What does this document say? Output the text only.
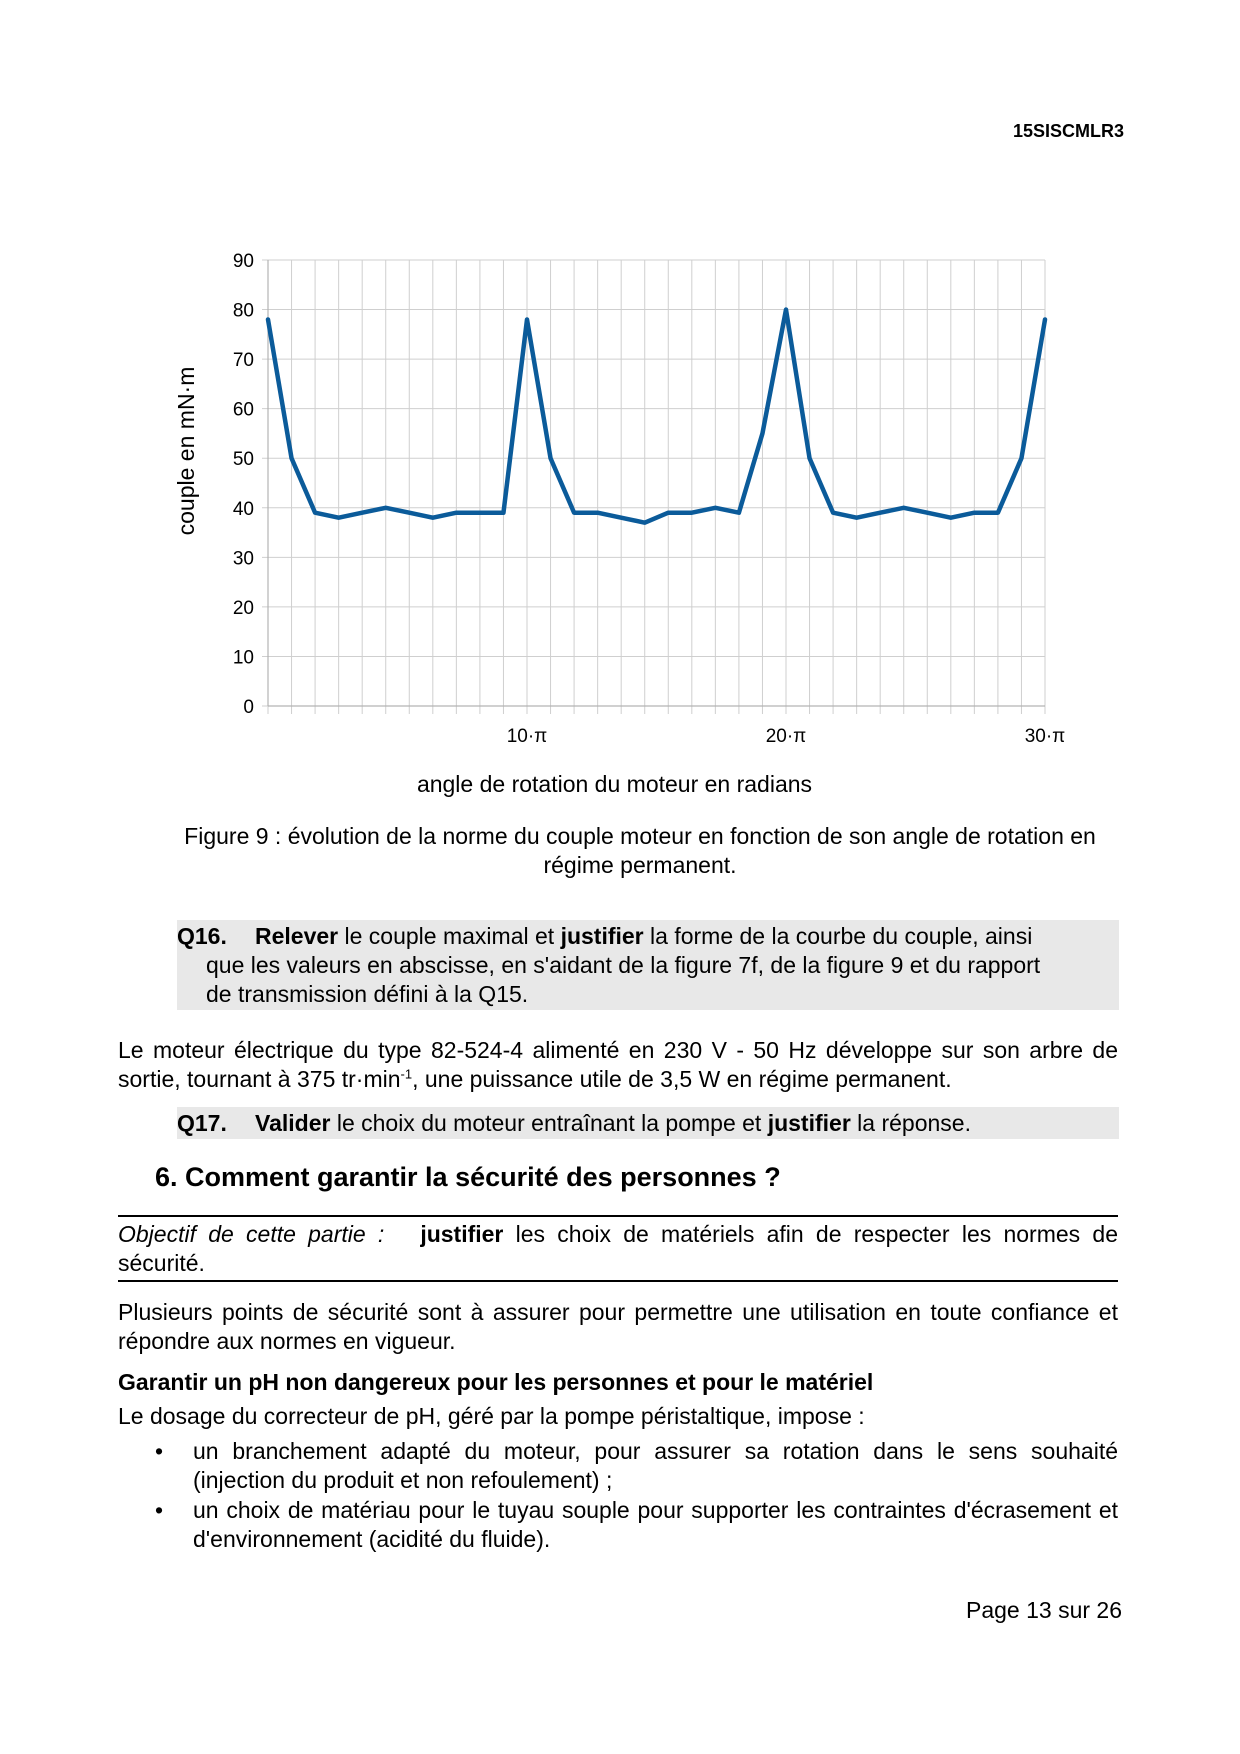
15SISCMLR3
0
10
20
30
40
50
60
70
80
90
10·π	20·π	30·π
angle de rotation du moteur en radians
couple en mN·m
Figure 9 : évolution de la norme du couple moteur en fonction de son angle de rotation en régime permanent.
Q16. Relever le couple maximal et justifier la forme de la courbe du couple, ainsi
que les valeurs en abscisse, en s'aidant de la figure 7f, de la figure 9 et du rapport
de transmission défini à la Q15.
Le moteur électrique du type 82-524-4 alimenté en 230 V - 50 Hz développe sur son arbre de sortie, tournant à 375 $tr\cdot\min^{-1}$, une puissance utile de 3,5 W en régime permanent.
Q17. Valider le choix du moteur entraînant la pompe et justifier la réponse.
6. Comment garantir la sécurité des personnes ?
Objectif de cette partie : justifier les choix de matériels afin de respecter les normes de sécurité.
Plusieurs points de sécurité sont à assurer pour permettre une utilisation en toute confiance et répondre aux normes en vigueur.
Garantir un pH non dangereux pour les personnes et pour le matériel
Le dosage du correcteur de pH, géré par la pompe péristaltique, impose :
• un branchement adapté du moteur, pour assurer sa rotation dans le sens souhaité (injection du produit et non refoulement) ;
• un choix de matériau pour le tuyau souple pour supporter les contraintes d'écrasement et d'environnement (acidité du fluide).
Page 13 sur 26
